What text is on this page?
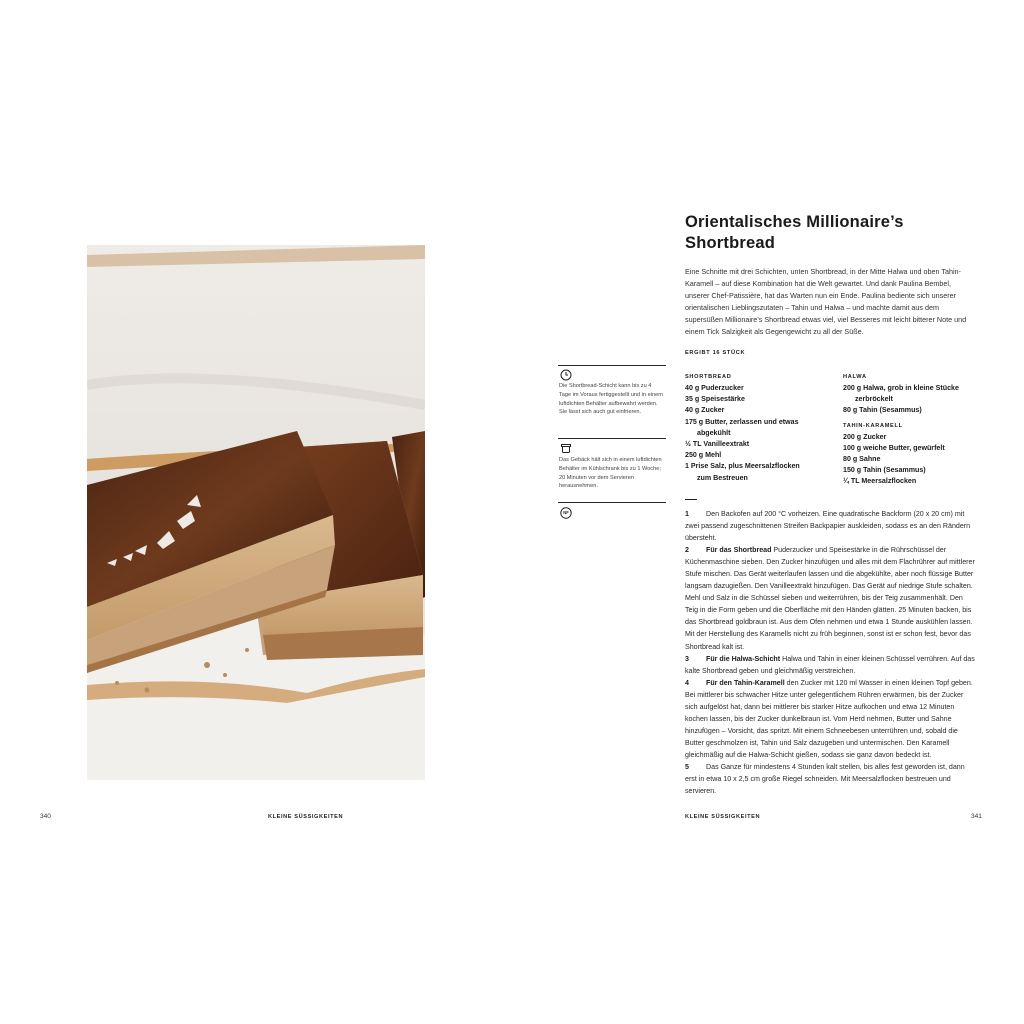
Die Shortbread-Schicht kann bis zu 4 Tage im Voraus fertiggestellt und in einem luftdichten Behälter aufbewahrt werden. Sie lässt sich auch gut einfrieren.
Das Gebäck hält sich in einem luftdichten Behälter im Kühlschrank bis zu 1 Woche; 20 Minuten vor dem Servieren herausnehmen.
NF
Orientalisches Millionaire’s Shortbread

Eine Schnitte mit drei Schichten, unten Shortbread, in der Mitte Halwa und oben Tahin-Karamell – auf diese Kombination hat die Welt gewartet. Und dank Paulina Bembel, unserer Chef-Patissière, hat das Warten nun ein Ende. Paulina bediente sich unserer orientalischen Lieblingszutaten – Tahin und Halwa – und machte damit aus dem supersüßen Millionaire’s Shortbread etwas viel, viel Besseres mit leicht bitterer Note und einem Tick Salzigkeit als Gegengewicht zu all der Süße.

ERGIBT 16 STÜCK
SHORTBREAD
40 g Puderzucker
35 g Speisestärke
40 g Zucker
175 g Butter, zerlassen und etwas abgekühlt
½ TL Vanilleextrakt
250 g Mehl
1 Prise Salz, plus Meersalzflocken zum Bestreuen
HALWA
200 g Halwa, grob in kleine Stücke zerbröckelt
80 g Tahin (Sesammus)
TAHIN-KARAMELL
200 g Zucker
100 g weiche Butter, gewürfelt
80 g Sahne
150 g Tahin (Sesammus)
¼ TL Meersalzflocken
1 Den Backofen auf 200 °C vorheizen. Eine quadratische Backform (20 x 20 cm) mit zwei passend zugeschnittenen Streifen Backpapier auskleiden, sodass es an den Rändern übersteht.
2 Für das Shortbread Puderzucker und Speisestärke in die Rührschüssel der Küchenmaschine sieben. Den Zucker hinzufügen und alles mit dem Flachrührer auf mittlerer Stufe mischen. Das Gerät weiterlaufen lassen und die abgekühlte, aber noch flüssige Butter langsam dazugießen. Den Vanilleextrakt hinzufügen. Das Gerät auf niedrige Stufe schalten. Mehl und Salz in die Schüssel sieben und weiterrühren, bis der Teig zusammenhält. Den Teig in die Form geben und die Oberfläche mit den Händen glätten. 25 Minuten backen, bis das Shortbread goldbraun ist. Aus dem Ofen nehmen und etwa 1 Stunde auskühlen lassen. Mit der Herstellung des Karamells nicht zu früh beginnen, sonst ist er schon fest, bevor das Shortbread kalt ist.
3 Für die Halwa-Schicht Halwa und Tahin in einer kleinen Schüssel verrühren. Auf das kalte Shortbread geben und gleichmäßig verstreichen.
4 Für den Tahin-Karamell den Zucker mit 120 ml Wasser in einen kleinen Topf geben. Bei mittlerer bis schwacher Hitze unter gelegentlichem Rühren erwärmen, bis der Zucker sich aufgelöst hat, dann bei mittlerer bis starker Hitze aufkochen und etwa 12 Minuten kochen lassen, bis der Zucker dunkelbraun ist. Vom Herd nehmen, Butter und Sahne hinzufügen – Vorsicht, das spritzt. Mit einem Schneebesen unterrühren und, sobald die Butter geschmolzen ist, Tahin und Salz dazugeben und untermischen. Den Karamell gleichmäßig auf die Halwa-Schicht gießen, sodass sie ganz davon bedeckt ist.
5 Das Ganze für mindestens 4 Stunden kalt stellen, bis alles fest geworden ist, dann erst in etwa 10 x 2,5 cm große Riegel schneiden. Mit Meersalzflocken bestreuen und servieren.
340	KLEINE SÜSSIGKEITEN	KLEINE SÜSSIGKEITEN	341
